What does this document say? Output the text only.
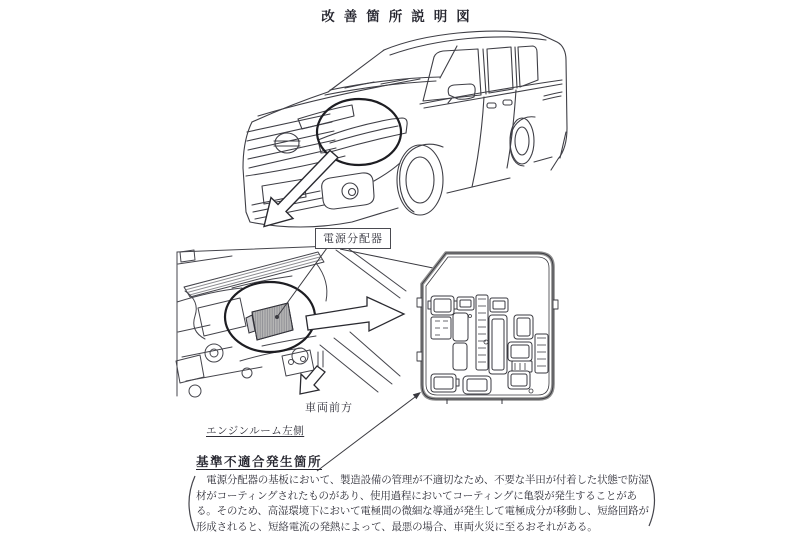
改善箇所説明図
電源分配器
車両前方
エンジンルーム左側
基準不適合発生箇所
　電源分配器の基板において、製造設備の管理が不適切なため、不要な半田が付着した状態で防湿
材がコーティングされたものがあり、使用過程においてコーティングに亀裂が発生することがあ
る。そのため、高湿環境下において電極間の微細な導通が発生して電極成分が移動し、短絡回路が
形成されると、短絡電流の発熱によって、最悪の場合、車両火災に至るおそれがある。
